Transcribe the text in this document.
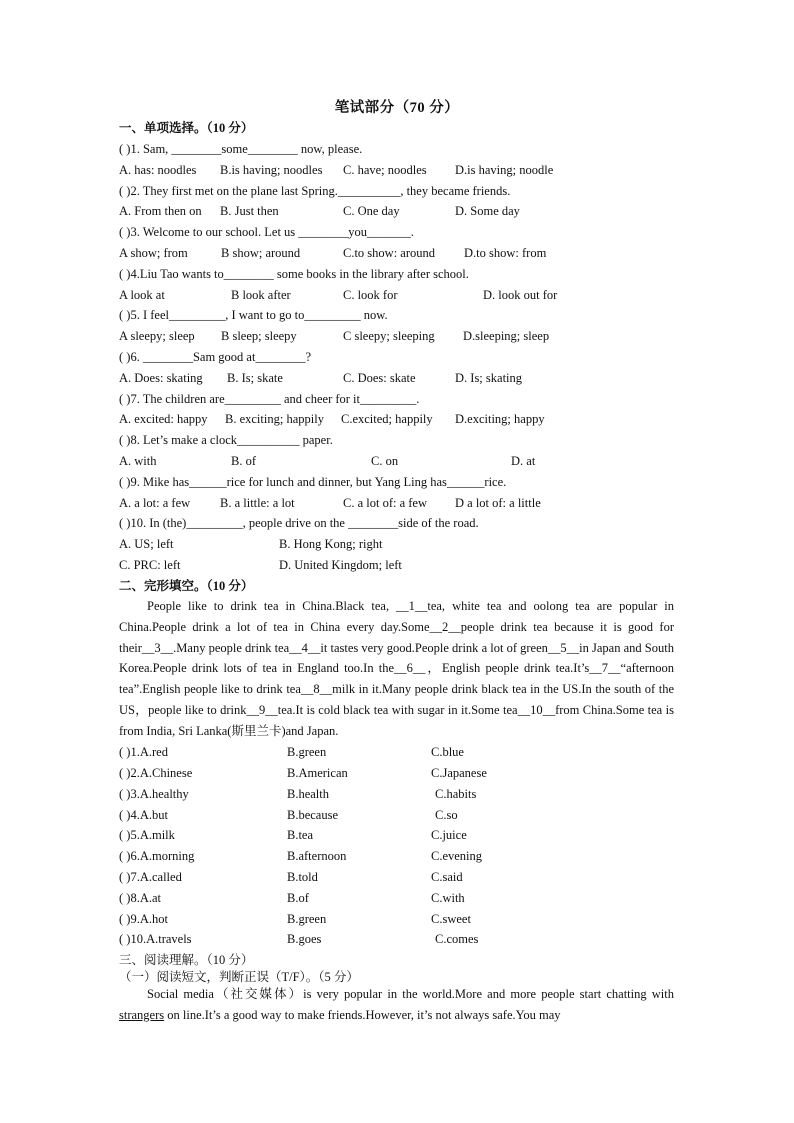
笔试部分（70 分）
一、单项选择。（10 分）
( )1. Sam, ________some________ now, please.
A. has: noodles B.is having; noodles C. have; noodles D.is having; noodle
( )2. They first met on the plane last Spring.__________, they became friends.
A. From then on B. Just then	C. One day	D. Some day
( )3. Welcome to our school. Let us ________you_______.
A show; from	B show; around	C.to show: around D.to show: from
( )4.Liu Tao wants to________ some books in the library after school.
A look at	B look after	C. look for	D. look out for
( )5. I feel_________, I want to go to_________ now.
A sleepy; sleep B sleep; sleepy	C sleepy; sleeping D.sleeping; sleep
( )6. ________Sam good at________?
A. Does: skating B. Is; skate	C. Does: skate	D. Is; skating
( )7. The children are_________ and cheer for it_________.
A. excited: happy B. exciting; happily C.excited; happily D.exciting; happy
( )8. Let’s make a clock__________ paper.
A. with	B. of	C. on	D. at
( )9. Mike has______rice for lunch and dinner, but Yang Ling has______rice.
A. a lot: a few B. a little: a lot	C. a lot of: a few D a lot of: a little
( )10. In (the)_________, people drive on the ________side of the road.
A. US; left	B. Hong Kong; right
C. PRC: left	D. United Kingdom; left
二、完形填空。（10 分）
People like to drink tea in China.Black tea, __1__tea, white tea and oolong tea are popular in China.People drink a lot of tea in China every day.Some__2__people drink tea because it is good for their__3__.Many people drink tea__4__it tastes very good.People drink a lot of green__5__in Japan and South Korea.People drink lots of tea in England too.In the__6__，English people drink tea.It’s__7__“afternoon tea”.English people like to drink tea__8__milk in it.Many people drink black tea in the US.In the south of the US，people like to drink__9__tea.It is cold black tea with sugar in it.Some tea__10__from China.Some tea is from India, Sri Lanka(斯里兰卡)and Japan.
( )1.A.red	B.green	C.blue
( )2.A.Chinese	B.American	C.Japanese
( )3.A.healthy	B.health	C.habits
( )4.A.but	B.because	C.so
( )5.A.milk	B.tea	C.juice
( )6.A.morning	B.afternoon	C.evening
( )7.A.called	B.told	C.said
( )8.A.at	B.of	C.with
( )9.A.hot	B.green	C.sweet
( )10.A.travels	B.goes	C.comes
三、阅读理解。（10 分）
（一）阅读短文，判断正误（T/F）。（5 分）
Social media（社交媒体）is very popular in the world.More and more people start chatting with strangers on line.It’s a good way to make friends.However, it’s not always safe.You may
